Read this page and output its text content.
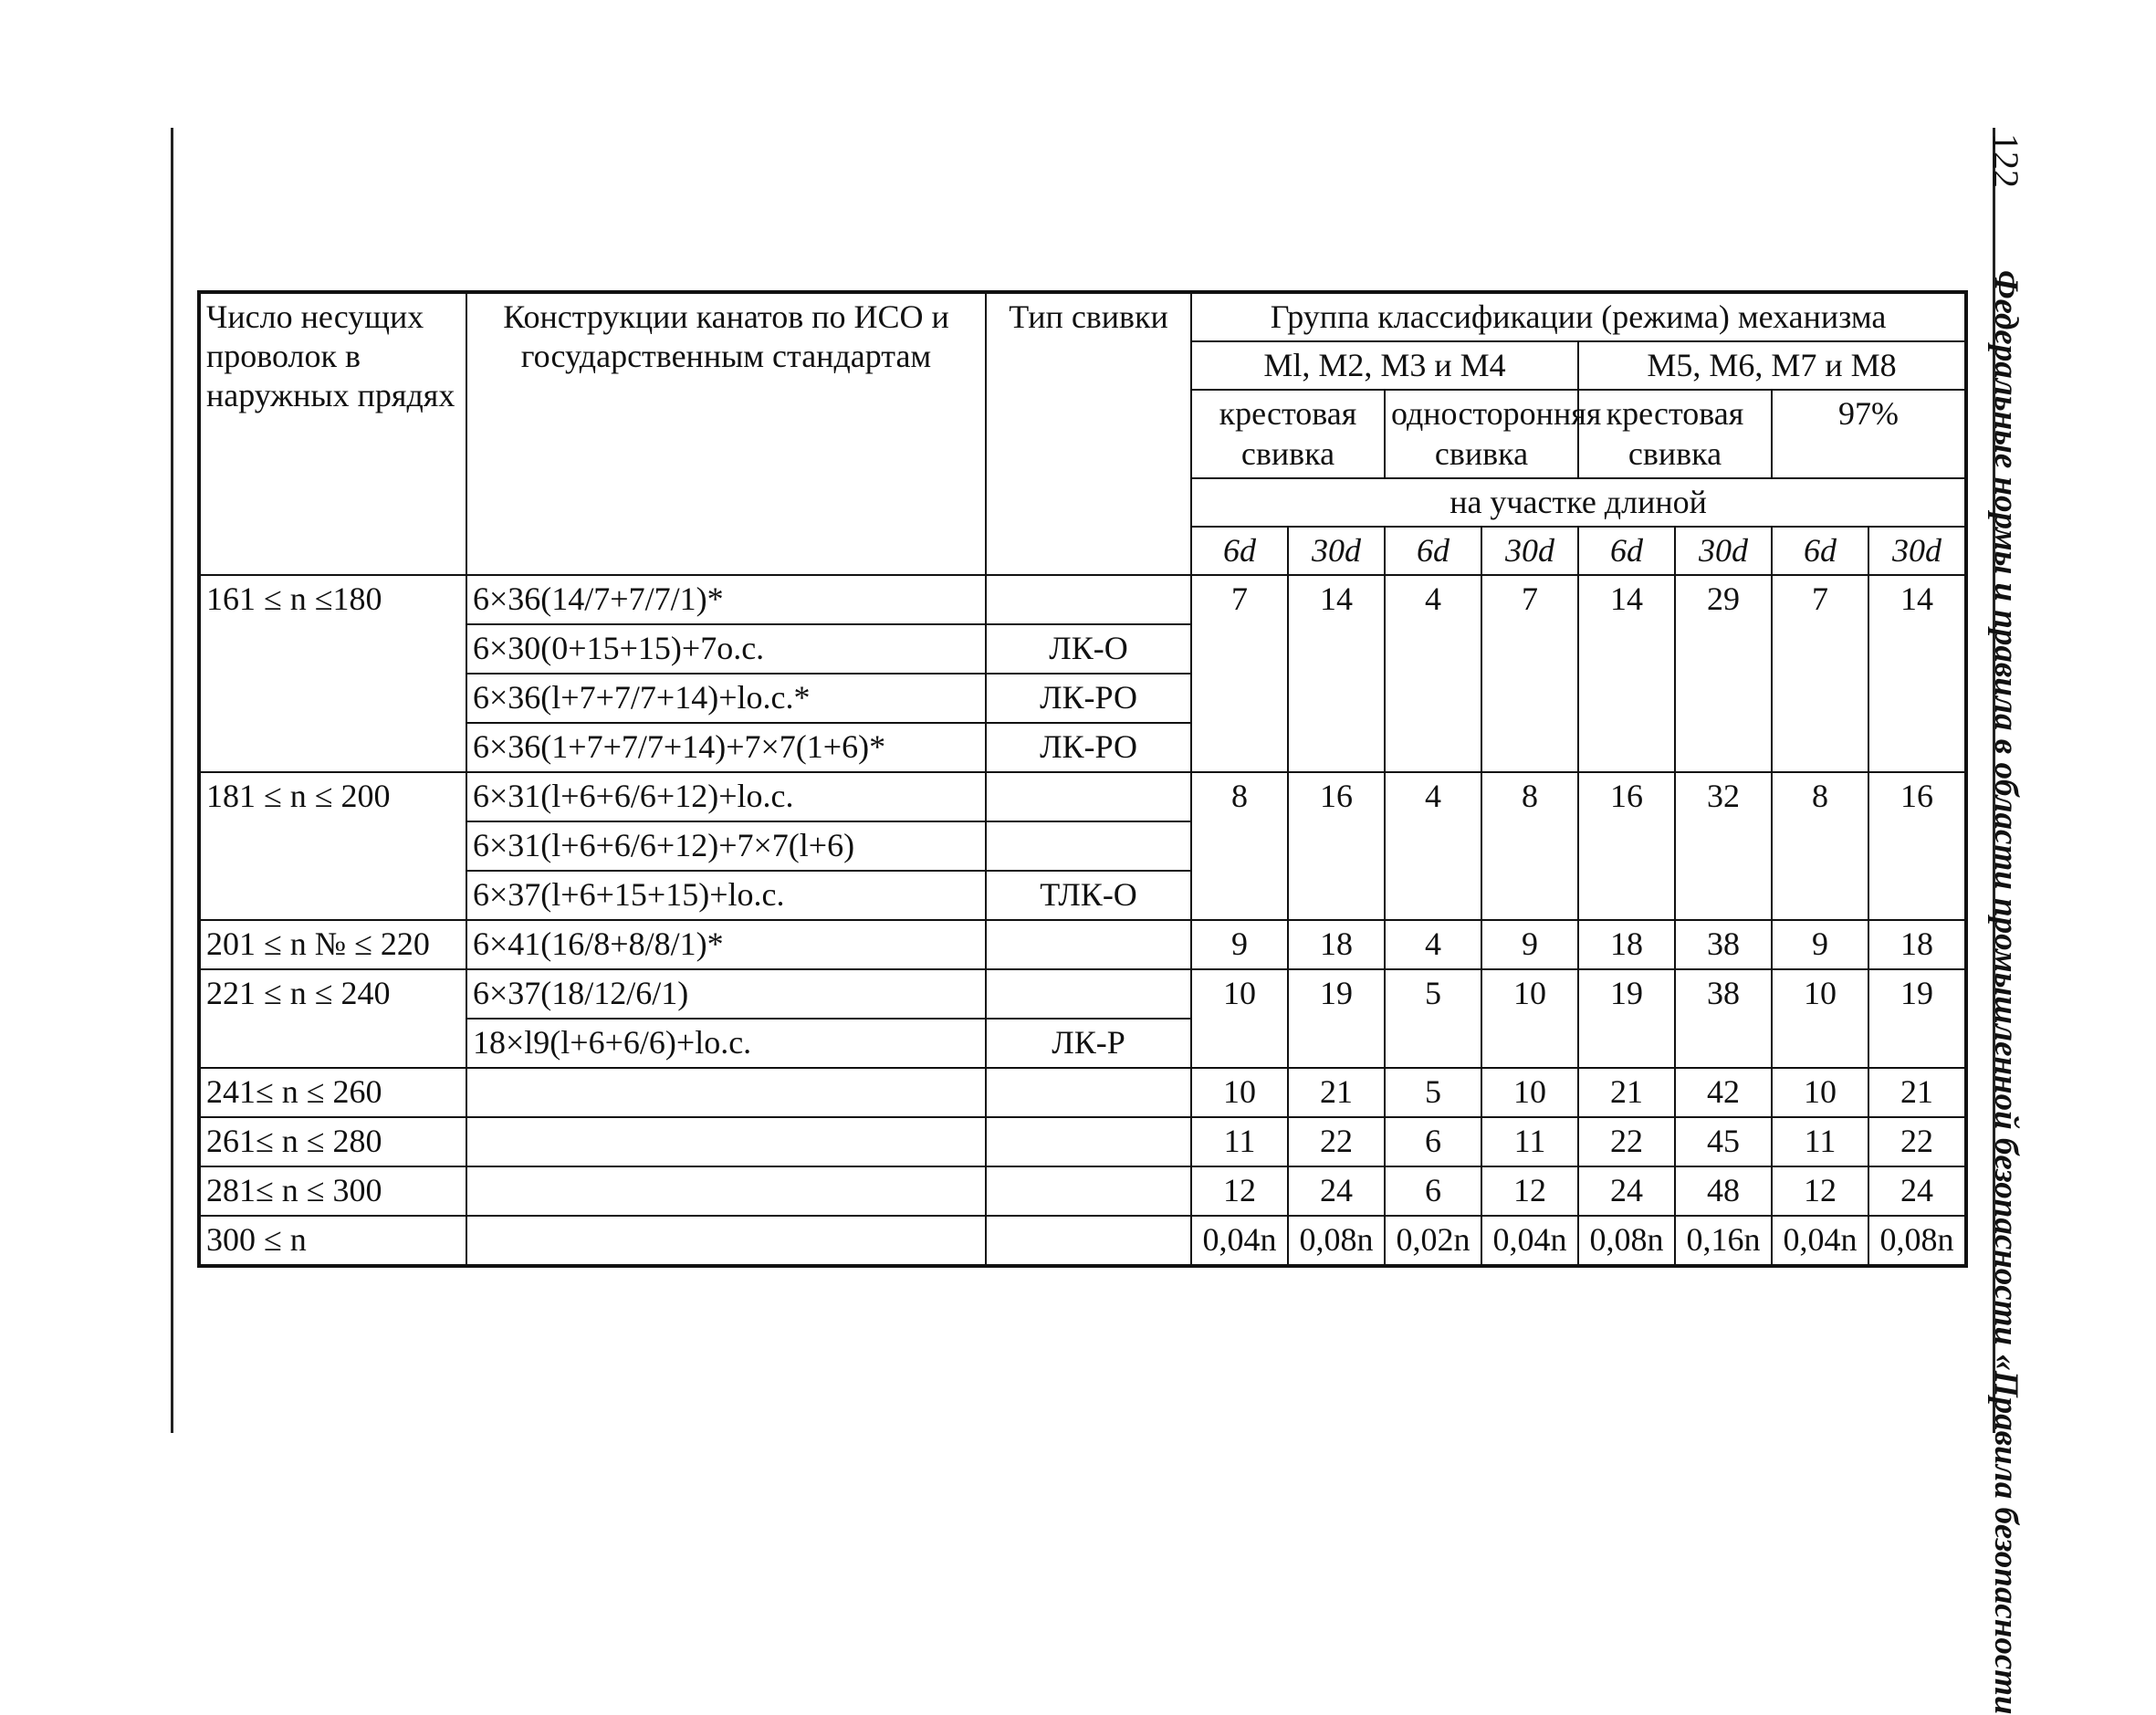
122
Федеральные нормы и правила в области промышленной безопасности «Правила безопасности
Число несущих проволок в наружных прядях	Конструкции канатов по ИСО и государственным стандартам	Тип свивки	Группа классификации (режима) механизма							
			Ml, М2, М3 и М4				М5, М6, М7 и М8			
			крестовая свивка		односторонняя свивка		крестовая свивка		97%	
			на участке длиной							
			6d	30d	6d	30d	6d	30d	6d	30d
161 ≤ n ≤180	6×36(14/7+7/7/1)*		7	14	4	7	14	29	7	14
	6×30(0+15+15)+7о.с.	ЛК-О								
	6×36(l+7+7/7+14)+lо.с.*	ЛК-РО								
	6×36(1+7+7/7+14)+7×7(1+6)*	ЛК-РО								
181 ≤ n ≤ 200	6×31(l+6+6/6+12)+lо.с.		8	16	4	8	16	32	8	16
	6×31(l+6+6/6+12)+7×7(l+6)									
	6×37(l+6+15+15)+lо.с.	ТЛК-О								
201 ≤ n № ≤ 220	6×41(16/8+8/8/1)*		9	18	4	9	18	38	9	18
221 ≤ n ≤ 240	6×37(18/12/6/1)		10	19	5	10	19	38	10	19
	18×l9(l+6+6/6)+lо.с.	ЛК-Р								
241≤ n ≤ 260			10	21	5	10	21	42	10	21
261≤ n ≤ 280			11	22	6	11	22	45	11	22
281≤ n ≤ 300			12	24	6	12	24	48	12	24
300 ≤ n			0,04n	0,08n	0,02n	0,04n	0,08n	0,16n	0,04n	0,08n
